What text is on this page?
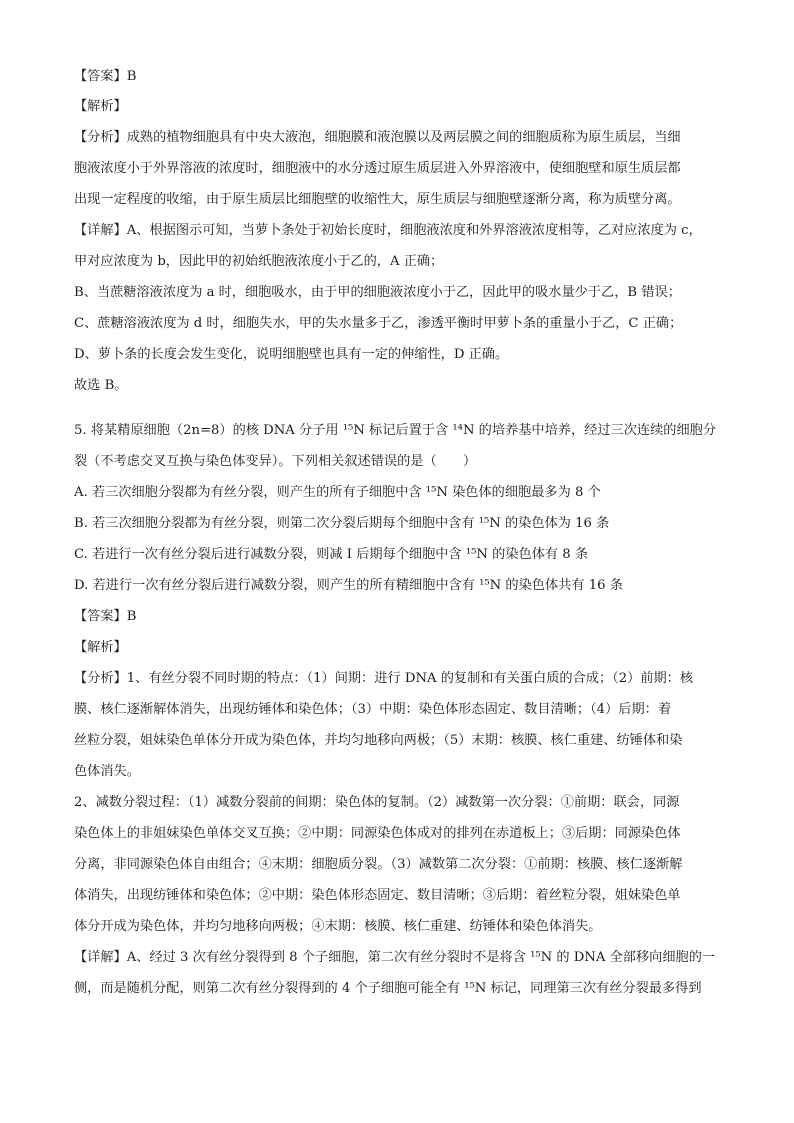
【答案】B
【解析】
【分析】成熟的植物细胞具有中央大液泡，细胞膜和液泡膜以及两层膜之间的细胞质称为原生质层，当细
胞液浓度小于外界溶液的浓度时，细胞液中的水分透过原生质层进入外界溶液中，使细胞壁和原生质层都
出现一定程度的收缩，由于原生质层比细胞壁的收缩性大，原生质层与细胞壁逐渐分离，称为质壁分离。
【详解】A、根据图示可知，当萝卜条处于初始长度时，细胞液浓度和外界溶液浓度相等，乙对应浓度为 c，
甲对应浓度为 b，因此甲的初始纸胞液浓度小于乙的，A 正确；
B、当蔗糖溶液浓度为 a 时，细胞吸水，由于甲的细胞液浓度小于乙，因此甲的吸水量少于乙，B 错误；
C、蔗糖溶液浓度为 d 时，细胞失水，甲的失水量多于乙，渗透平衡时甲萝卜条的重量小于乙，C 正确；
D、萝卜条的长度会发生变化，说明细胞壁也具有一定的伸缩性，D 正确。
故选 B。
5. 将某精原细胞（2n=8）的核 DNA 分子用 ¹⁵N 标记后置于含 ¹⁴N 的培养基中培养，经过三次连续的细胞分
裂（不考虑交叉互换与染色体变异）。下列相关叙述错误的是（　　）
A. 若三次细胞分裂都为有丝分裂，则产生的所有子细胞中含 ¹⁵N 染色体的细胞最多为 8 个
B. 若三次细胞分裂都为有丝分裂，则第二次分裂后期每个细胞中含有 ¹⁵N 的染色体为 16 条
C. 若进行一次有丝分裂后进行减数分裂，则减 I 后期每个细胞中含 ¹⁵N 的染色体有 8 条
D. 若进行一次有丝分裂后进行减数分裂，则产生的所有精细胞中含有 ¹⁵N 的染色体共有 16 条
【答案】B
【解析】
【分析】1、有丝分裂不同时期的特点：（1）间期：进行 DNA 的复制和有关蛋白质的合成；（2）前期：核
膜、核仁逐渐解体消失，出现纺锤体和染色体；（3）中期：染色体形态固定、数目清晰；（4）后期：着
丝粒分裂，姐妹染色单体分开成为染色体，并均匀地移向两极；（5）末期：核膜、核仁重建、纺锤体和染
色体消失。
2、减数分裂过程：（1）减数分裂前的间期：染色体的复制。（2）减数第一次分裂：①前期：联会，同源
染色体上的非姐妹染色单体交叉互换；②中期：同源染色体成对的排列在赤道板上；③后期：同源染色体
分离，非同源染色体自由组合；④末期：细胞质分裂。（3）减数第二次分裂：①前期：核膜、核仁逐渐解
体消失，出现纺锤体和染色体；②中期：染色体形态固定、数目清晰；③后期：着丝粒分裂，姐妹染色单
体分开成为染色体，并均匀地移向两极；④末期：核膜、核仁重建、纺锤体和染色体消失。
【详解】A、经过 3 次有丝分裂得到 8 个子细胞，第二次有丝分裂时不是将含 ¹⁵N 的 DNA 全部移向细胞的一
侧，而是随机分配，则第二次有丝分裂得到的 4 个子细胞可能全有 ¹⁵N 标记，同理第三次有丝分裂最多得到
